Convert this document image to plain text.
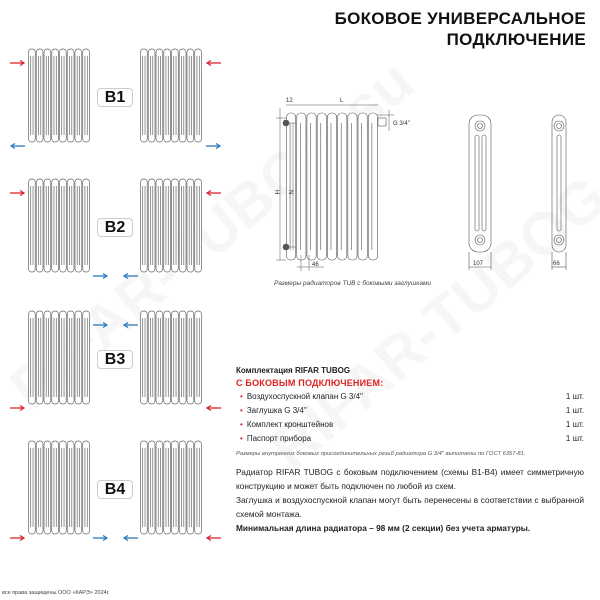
БОКОВОЕ УНИВЕРСАЛЬНОЕ
ПОДКЛЮЧЕНИЕ
B1
B2
B3
B4
12	L
H N
46
G 3/4''
107	66
Размеры радиаторов TUB с боковыми заглушками
Комплектация RIFAR TUBOG
С БОКОВЫМ ПОДКЛЮЧЕНИЕМ:
• Воздухоспускной клапан G 3/4''	1 шт.
• Заглушка G 3/4''	1 шт.
• Комплект кронштейнов	1 шт.
• Паспорт прибора	1 шт.
Размеры внутренних боковых присоединительных резьб радиатора G 3/4'' выполнены по ГОСТ 6357-81.

Радиатор RIFAR TUBOG с боковым подключением (схемы B1-B4) имеет симметричную конструкцию и может быть подключен по любой из схем.

Заглушка и воздухоспускной клапан могут быть перенесены в соответствии с выбранной схемой монтажа.

Минимальная длина радиатора – 98 мм (2 секции) без учета арматуры.

все права защищены ООО «КАРЭ» 2024г.
